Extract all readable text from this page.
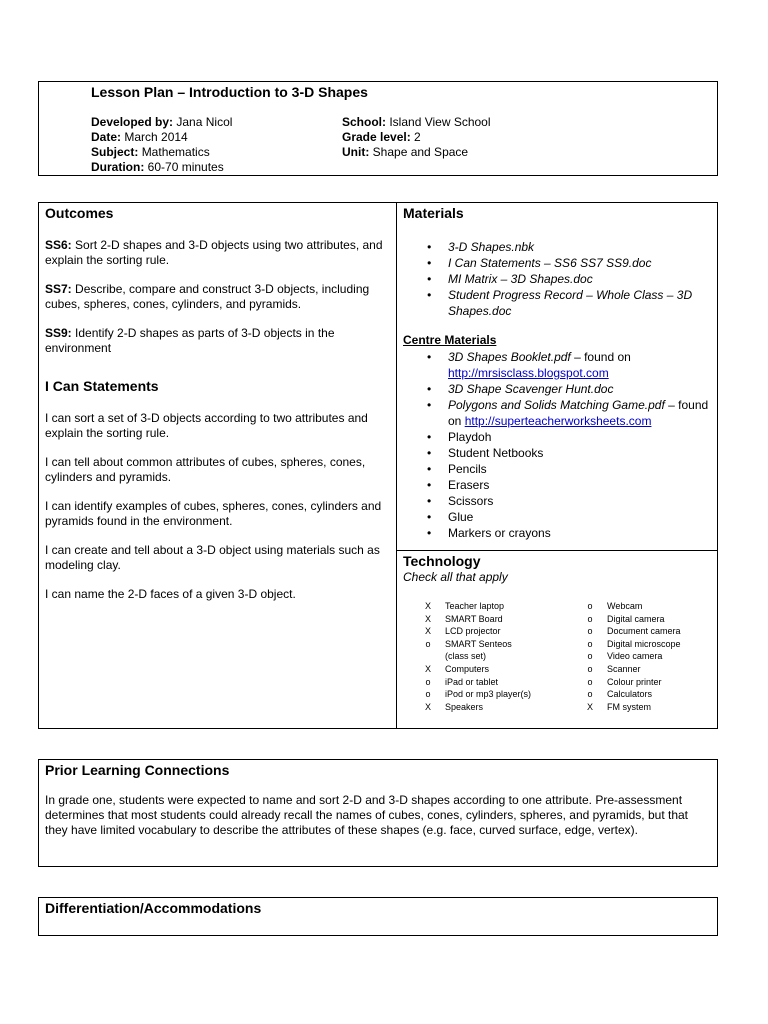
Lesson Plan – Introduction to 3-D Shapes
Developed by: Jana Nicol
Date: March 2014
Subject: Mathematics
Duration: 60-70 minutes
School: Island View School
Grade level: 2
Unit: Shape and Space
Outcomes
SS6: Sort 2-D shapes and 3-D objects using two attributes, and explain the sorting rule.
SS7: Describe, compare and construct 3-D objects, including cubes, spheres, cones, cylinders, and pyramids.
SS9: Identify 2-D shapes as parts of 3-D objects in the environment
I Can Statements
I can sort a set of 3-D objects according to two attributes and explain the sorting rule.
I can tell about common attributes of cubes, spheres, cones, cylinders and pyramids.
I can identify examples of cubes, spheres, cones, cylinders and pyramids found in the environment.
I can create and tell about a 3-D object using materials such as modeling clay.
I can name the 2-D faces of a given 3-D object.
Materials
• 3-D Shapes.nbk
• I Can Statements – SS6 SS7 SS9.doc
• MI Matrix – 3D Shapes.doc
• Student Progress Record – Whole Class – 3D Shapes.doc
Centre Materials
• 3D Shapes Booklet.pdf – found on
http://mrsisclass.blogspot.com
• 3D Shape Scavenger Hunt.doc
• Polygons and Solids Matching Game.pdf – found on http://superteacherworksheets.com
• Playdoh
• Student Netbooks
• Pencils
• Erasers
• Scissors
• Glue
• Markers or crayons
Technology
Check all that apply
X	Teacher laptop
X	SMART Board
X	LCD projector
o	SMART Senteos
(class set)
X	Computers
o	iPad or tablet
o	iPod or mp3 player(s)
X	Speakers
o	Webcam
o	Digital camera
o	Document camera
o	Digital microscope
o	Video camera
o	Scanner
o	Colour printer
o	Calculators
X	FM system
Prior Learning Connections
In grade one, students were expected to name and sort 2-D and 3-D shapes according to one attribute. Pre-assessment determines that most students could already recall the names of cubes, cones, cylinders, spheres, and pyramids, but that they have limited vocabulary to describe the attributes of these shapes (e.g. face, curved surface, edge, vertex).
Differentiation/Accommodations
